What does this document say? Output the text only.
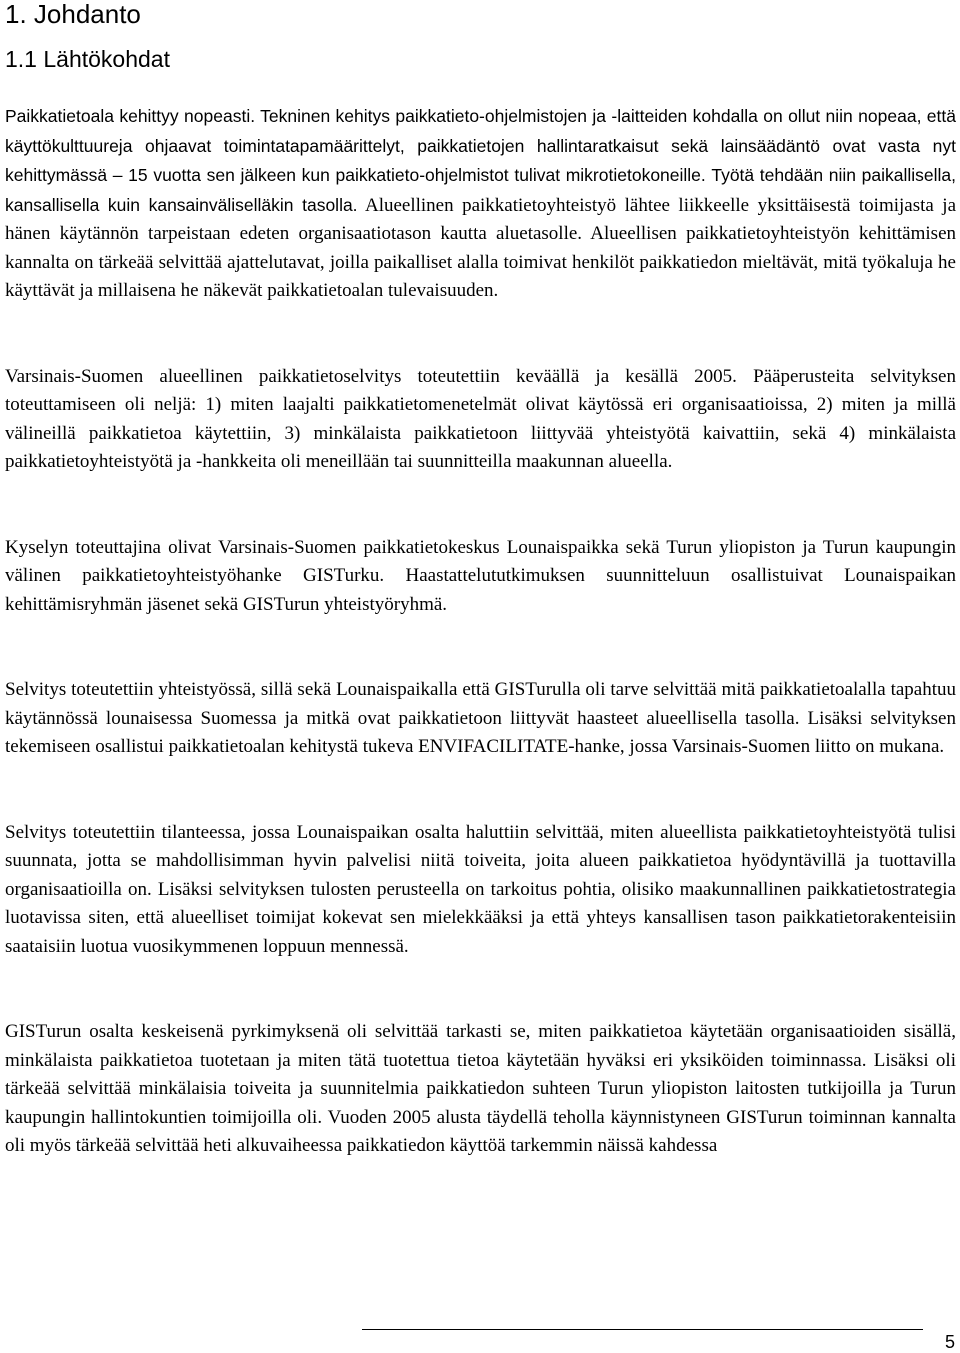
1. Johdanto
1.1 Lähtökohdat

Paikkatietoala kehittyy nopeasti. Tekninen kehitys paikkatieto-ohjelmistojen ja -laitteiden kohdalla on ollut niin nopeaa, että käyttökulttuureja ohjaavat toimintatapamäärittelyt, paikkatietojen hallintaratkaisut sekä lainsäädäntö ovat vasta nyt kehittymässä – 15 vuotta sen jälkeen kun paikkatieto-ohjelmistot tulivat mikrotietokoneille. Työtä tehdään niin paikallisella, kansallisella kuin kansainväliselläkin tasolla. Alueellinen paikkatietoyhteistyö lähtee liikkeelle yksittäisestä toimijasta ja hänen käytännön tarpeistaan edeten organisaatiotason kautta aluetasolle. Alueellisen paikkatietoyhteistyön kehittämisen kannalta on tärkeää selvittää ajattelutavat, joilla paikalliset alalla toimivat henkilöt paikkatiedon mieltävät, mitä työkaluja he käyttävät ja millaisena he näkevät paikkatietoalan tulevaisuuden.

Varsinais-Suomen alueellinen paikkatietoselvitys toteutettiin keväällä ja kesällä 2005. Pääperusteita selvityksen toteuttamiseen oli neljä: 1) miten laajalti paikkatietomenetelmät olivat käytössä eri organisaatioissa, 2) miten ja millä välineillä paikkatietoa käytettiin, 3) minkälaista paikkatietoon liittyvää yhteistyötä kaivattiin, sekä 4) minkälaista paikkatietoyhteistyötä ja -hankkeita oli meneillään tai suunnitteilla maakunnan alueella.

Kyselyn toteuttajina olivat Varsinais-Suomen paikkatietokeskus Lounaispaikka sekä Turun yliopiston ja Turun kaupungin välinen paikkatietoyhteistyöhanke GISTurku. Haastattelututkimuksen suunnitteluun osallistuivat Lounaispaikan kehittämisryhmän jäsenet sekä GISTurun yhteistyöryhmä.

Selvitys toteutettiin yhteistyössä, sillä sekä Lounaispaikalla että GISTurulla oli tarve selvittää mitä paikkatietoalalla tapahtuu käytännössä lounaisessa Suomessa ja mitkä ovat paikkatietoon liittyvät haasteet alueellisella tasolla. Lisäksi selvityksen tekemiseen osallistui paikkatietoalan kehitystä tukeva ENVIFACILITATE-hanke, jossa Varsinais-Suomen liitto on mukana.

Selvitys toteutettiin tilanteessa, jossa Lounaispaikan osalta haluttiin selvittää, miten alueellista paikkatietoyhteistyötä tulisi suunnata, jotta se mahdollisimman hyvin palvelisi niitä toiveita, joita alueen paikkatietoa hyödyntävillä ja tuottavilla organisaatioilla on. Lisäksi selvityksen tulosten perusteella on tarkoitus pohtia, olisiko maakunnallinen paikkatietostrategia luotavissa siten, että alueelliset toimijat kokevat sen mielekkääksi ja että yhteys kansallisen tason paikkatietorakenteisiin saataisiin luotua vuosikymmenen loppuun mennessä.

GISTurun osalta keskeisenä pyrkimyksenä oli selvittää tarkasti se, miten paikkatietoa käytetään organisaatioiden sisällä, minkälaista paikkatietoa tuotetaan ja miten tätä tuotettua tietoa käytetään hyväksi eri yksiköiden toiminnassa. Lisäksi oli tärkeää selvittää minkälaisia toiveita ja suunnitelmia paikkatiedon suhteen Turun yliopiston laitosten tutkijoilla ja Turun kaupungin hallintokuntien toimijoilla oli. Vuoden 2005 alusta täydellä teholla käynnistyneen GISTurun toiminnan kannalta oli myös tärkeää selvittää heti alkuvaiheessa paikkatiedon käyttöä tarkemmin näissä kahdessa

5
